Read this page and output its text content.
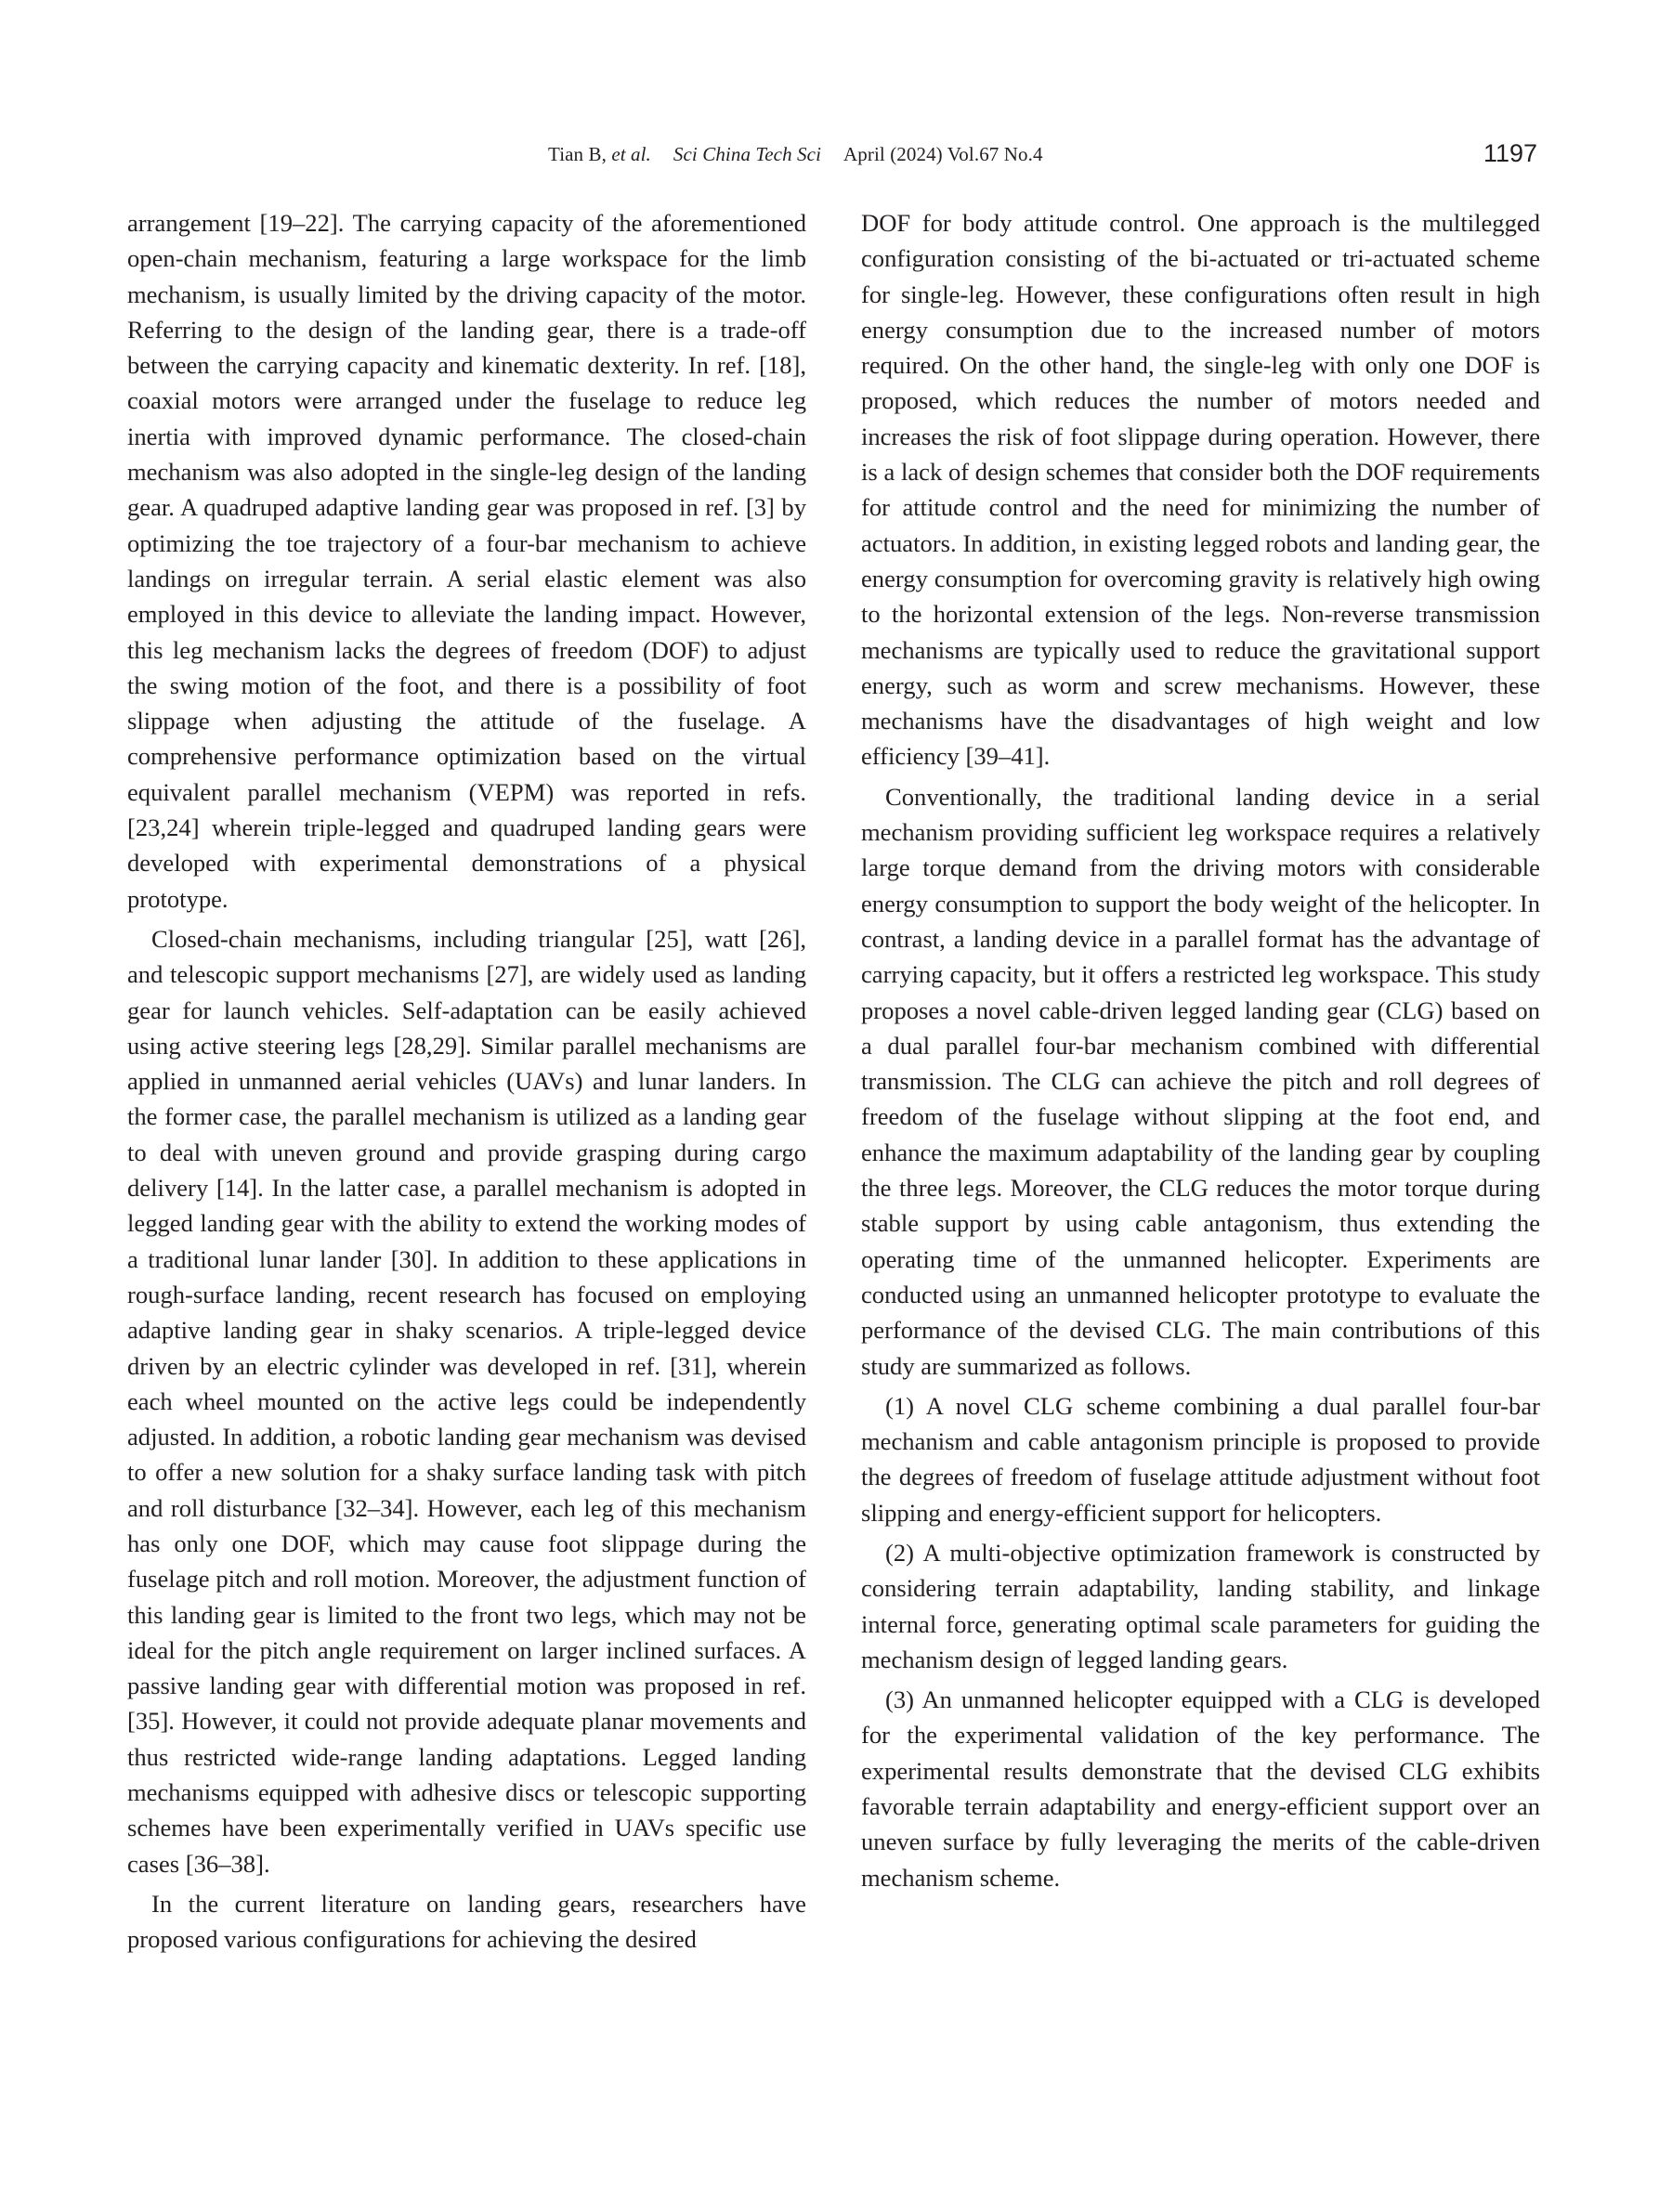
Tian B, et al. Sci China Tech Sci April (2024) Vol.67 No.4	1197

arrangement [19–22]. The carrying capacity of the aforementioned open-chain mechanism, featuring a large workspace for the limb mechanism, is usually limited by the driving capacity of the motor. Referring to the design of the landing gear, there is a trade-off between the carrying capacity and kinematic dexterity. In ref. [18], coaxial motors were arranged under the fuselage to reduce leg inertia with improved dynamic performance. The closed-chain mechanism was also adopted in the single-leg design of the landing gear. A quadruped adaptive landing gear was proposed in ref. [3] by optimizing the toe trajectory of a four-bar mechanism to achieve landings on irregular terrain. A serial elastic element was also employed in this device to alleviate the landing impact. However, this leg mechanism lacks the degrees of freedom (DOF) to adjust the swing motion of the foot, and there is a possibility of foot slippage when adjusting the attitude of the fuselage. A comprehensive performance optimization based on the virtual equivalent parallel mechanism (VEPM) was reported in refs. [23,24] wherein triple-legged and quadruped landing gears were developed with experimental demonstrations of a physical prototype.

Closed-chain mechanisms, including triangular [25], watt [26], and telescopic support mechanisms [27], are widely used as landing gear for launch vehicles. Self-adaptation can be easily achieved using active steering legs [28,29]. Similar parallel mechanisms are applied in unmanned aerial vehicles (UAVs) and lunar landers. In the former case, the parallel mechanism is utilized as a landing gear to deal with uneven ground and provide grasping during cargo delivery [14]. In the latter case, a parallel mechanism is adopted in legged landing gear with the ability to extend the working modes of a traditional lunar lander [30]. In addition to these applications in rough-surface landing, recent research has focused on employing adaptive landing gear in shaky scenarios. A triple-legged device driven by an electric cylinder was developed in ref. [31], wherein each wheel mounted on the active legs could be independently adjusted. In addition, a robotic landing gear mechanism was devised to offer a new solution for a shaky surface landing task with pitch and roll disturbance [32–34]. However, each leg of this mechanism has only one DOF, which may cause foot slippage during the fuselage pitch and roll motion. Moreover, the adjustment function of this landing gear is limited to the front two legs, which may not be ideal for the pitch angle requirement on larger inclined surfaces. A passive landing gear with differential motion was proposed in ref. [35]. However, it could not provide adequate planar movements and thus restricted wide-range landing adaptations. Legged landing mechanisms equipped with adhesive discs or telescopic supporting schemes have been experimentally verified in UAVs specific use cases [36–38].

In the current literature on landing gears, researchers have proposed various configurations for achieving the desired

DOF for body attitude control. One approach is the multilegged configuration consisting of the bi-actuated or tri-actuated scheme for single-leg. However, these configurations often result in high energy consumption due to the increased number of motors required. On the other hand, the single-leg with only one DOF is proposed, which reduces the number of motors needed and increases the risk of foot slippage during operation. However, there is a lack of design schemes that consider both the DOF requirements for attitude control and the need for minimizing the number of actuators. In addition, in existing legged robots and landing gear, the energy consumption for overcoming gravity is relatively high owing to the horizontal extension of the legs. Non-reverse transmission mechanisms are typically used to reduce the gravitational support energy, such as worm and screw mechanisms. However, these mechanisms have the disadvantages of high weight and low efficiency [39–41].

Conventionally, the traditional landing device in a serial mechanism providing sufficient leg workspace requires a relatively large torque demand from the driving motors with considerable energy consumption to support the body weight of the helicopter. In contrast, a landing device in a parallel format has the advantage of carrying capacity, but it offers a restricted leg workspace. This study proposes a novel cable-driven legged landing gear (CLG) based on a dual parallel four-bar mechanism combined with differential transmission. The CLG can achieve the pitch and roll degrees of freedom of the fuselage without slipping at the foot end, and enhance the maximum adaptability of the landing gear by coupling the three legs. Moreover, the CLG reduces the motor torque during stable support by using cable antagonism, thus extending the operating time of the unmanned helicopter. Experiments are conducted using an unmanned helicopter prototype to evaluate the performance of the devised CLG. The main contributions of this study are summarized as follows.

(1) A novel CLG scheme combining a dual parallel four-bar mechanism and cable antagonism principle is proposed to provide the degrees of freedom of fuselage attitude adjustment without foot slipping and energy-efficient support for helicopters.

(2) A multi-objective optimization framework is constructed by considering terrain adaptability, landing stability, and linkage internal force, generating optimal scale parameters for guiding the mechanism design of legged landing gears.

(3) An unmanned helicopter equipped with a CLG is developed for the experimental validation of the key performance. The experimental results demonstrate that the devised CLG exhibits favorable terrain adaptability and energy-efficient support over an uneven surface by fully leveraging the merits of the cable-driven mechanism scheme.
